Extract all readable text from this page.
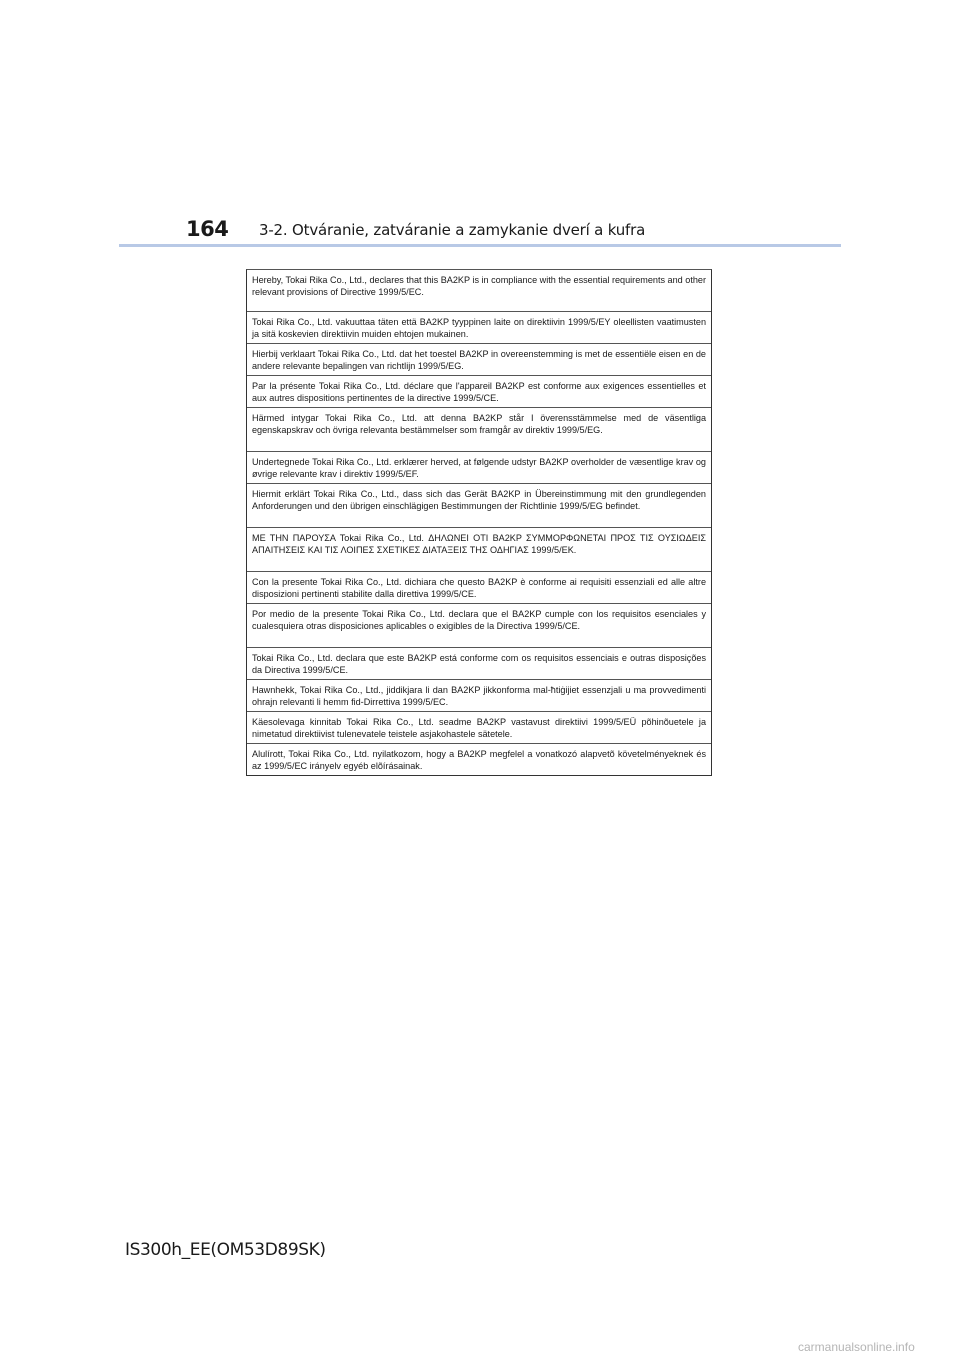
164 3-2. Otváranie, zatváranie a zamykanie dverí a kufra
Hereby, Tokai Rika Co., Ltd., declares that this BA2KP is in compliance with the essential requirements and other relevant provisions of Directive 1999/5/EC.
Tokai Rika Co., Ltd. vakuuttaa täten että BA2KP tyyppinen laite on direktiivin 1999/5/EY oleellisten vaatimusten ja sitä koskevien direktiivin muiden ehtojen mukainen.
Hierbij verklaart Tokai Rika Co., Ltd. dat het toestel BA2KP in overeenstemming is met de essentiële eisen en de andere relevante bepalingen van richtlijn 1999/5/EG.
Par la présente Tokai Rika Co., Ltd. déclare que l'appareil BA2KP est conforme aux exigences essentielles et aux autres dispositions pertinentes de la directive 1999/5/CE.
Härmed intygar Tokai Rika Co., Ltd. att denna BA2KP står I överensstämmelse med de väsentliga egenskapskrav och övriga relevanta bestämmelser som framgår av direktiv 1999/5/EG.
Undertegnede Tokai Rika Co., Ltd. erklærer herved, at følgende udstyr BA2KP overholder de væsentlige krav og øvrige relevante krav i direktiv 1999/5/EF.
Hiermit erklärt Tokai Rika Co., Ltd., dass sich das Gerät BA2KP in Übereinstimmung mit den grundlegenden Anforderungen und den übrigen einschlägigen Bestimmungen der Richtlinie 1999/5/EG befindet.
ΜΕ ΤΗΝ ΠΑΡΟΥΣΑ Tokai Rika Co., Ltd. ΔΗΛΩΝΕΙ ΟΤΙ BA2KP ΣΥΜΜΟΡΦΩΝΕΤΑΙ ΠΡΟΣ ΤΙΣ ΟΥΣΙΩΔΕΙΣ ΑΠΑΙΤΗΣΕΙΣ ΚΑΙ ΤΙΣ ΛΟΙΠΕΣ ΣΧΕΤΙΚΕΣ ΔΙΑΤΑΞΕΙΣ ΤΗΣ ΟΔΗΓΙΑΣ 1999/5/ΕΚ.
Con la presente Tokai Rika Co., Ltd. dichiara che questo BA2KP è conforme ai requisiti essenziali ed alle altre disposizioni pertinenti stabilite dalla direttiva 1999/5/CE.
Por medio de la presente Tokai Rika Co., Ltd. declara que el BA2KP cumple con los requisitos esenciales y cualesquiera otras disposiciones aplicables o exigibles de la Directiva 1999/5/CE.
Tokai Rika Co., Ltd. declara que este BA2KP está conforme com os requisitos essenciais e outras disposições da Directiva 1999/5/CE.
Hawnhekk, Tokai Rika Co., Ltd., jiddikjara li dan BA2KP jikkonforma mal-ħtiġijiet essenzjali u ma provvedimenti ohrajn relevanti li hemm fid-Dirrettiva 1999/5/EC.
Käesolevaga kinnitab Tokai Rika Co., Ltd. seadme BA2KP vastavust direktiivi 1999/5/EÜ põhinõuetele ja nimetatud direktiivist tulenevatele teistele asjakohastele sätetele.
Alulírott, Tokai Rika Co., Ltd. nyilatkozom, hogy a BA2KP megfelel a vonatkozó alapvetõ követelményeknek és az 1999/5/EC irányelv egyéb elõírásainak.
IS300h_EE(OM53D89SK)
carmanualsonline.info
